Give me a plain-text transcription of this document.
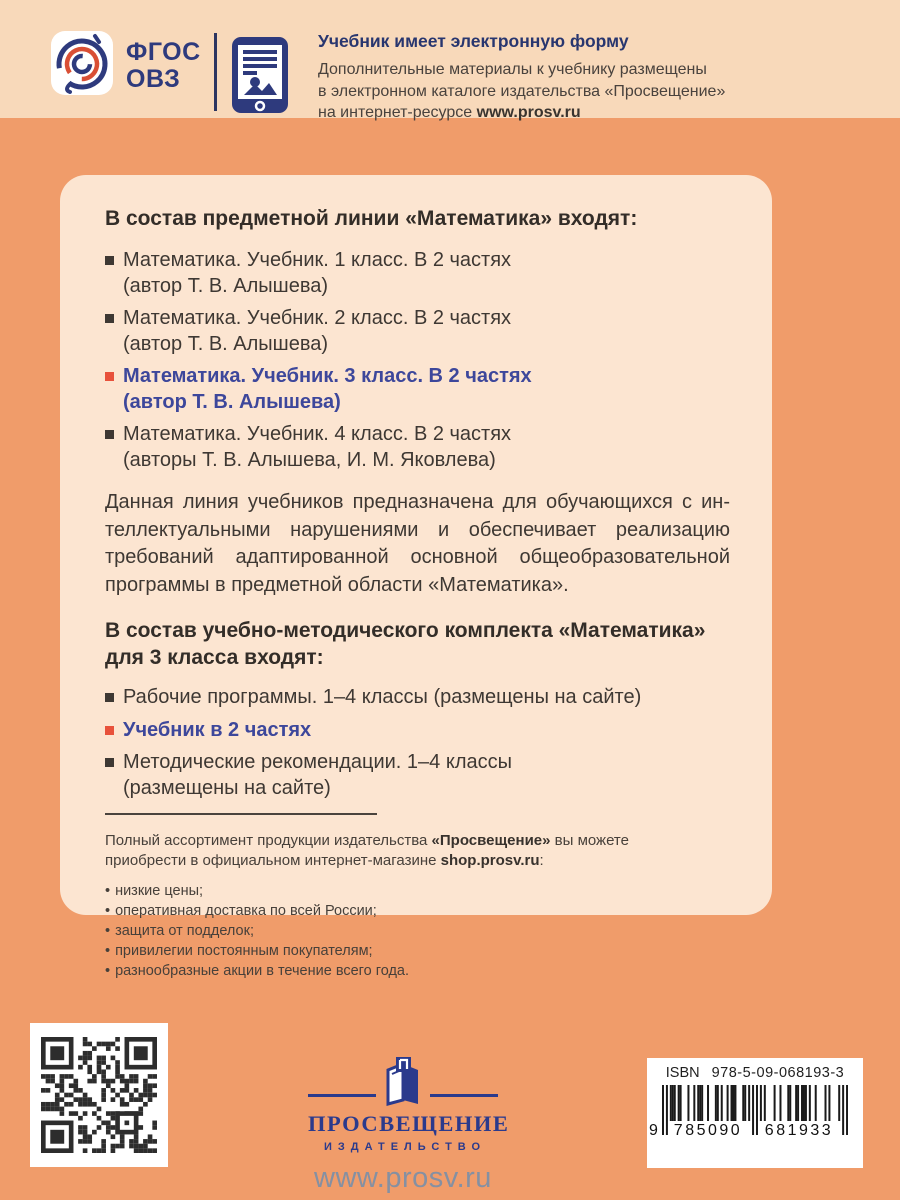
ФГОС
ОВЗ
Учебник имеет электронную форму
Дополнительные материалы к учебнику размещены
в электронном каталоге издательства «Просвещение»
на интернет-ресурсе www.prosv.ru
В состав предметной линии «Математика» входят:
Математика. Учебник. 1 класс. В 2 частях
(автор Т. В. Алышева)
Математика. Учебник. 2 класс. В 2 частях
(автор Т. В. Алышева)
Математика. Учебник. 3 класс. В 2 частях
(автор Т. В. Алышева)
Математика. Учебник. 4 класс. В 2 частях
(авторы Т. В. Алышева, И. М. Яковлева)
Данная линия учебников предназначена для обучающихся с ин-
теллектуальными нарушениями и обеспечивает реализацию
требований адаптированной основной общеобразовательной
программы в предметной области «Математика».
В состав учебно-методического комплекта «Математика»
для 3 класса входят:
Рабочие программы. 1–4 классы (размещены на сайте)
Учебник в 2 частях
Методические рекомендации. 1–4 классы
(размещены на сайте)
Полный ассортимент продукции издательства «Просвещение» вы можете
приобрести в официальном интернет-магазине shop.prosv.ru:
• низкие цены;
• оперативная доставка по всей России;
• защита от подделок;
• привилегии постоянным покупателям;
• разнообразные акции в течение всего года.
ПРОСВЕЩЕНИЕ
ИЗДАТЕЛЬСТВО
www.prosv.ru
ISBN 978-5-09-068193-3
9 785090	681933
